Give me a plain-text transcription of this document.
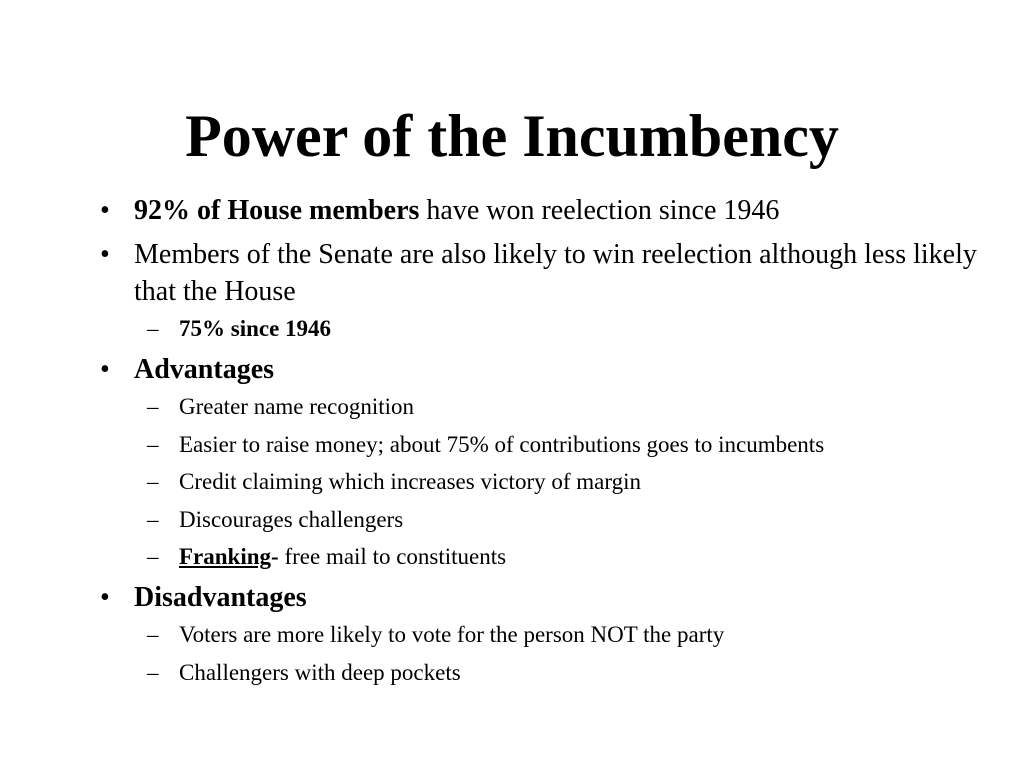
Power of the Incumbency
• 92% of House members have won reelection since 1946
• Members of the Senate are also likely to win reelection although less likely that the House
– 75% since 1946
• Advantages
– Greater name recognition
– Easier to raise money; about 75% of contributions goes to incumbents
– Credit claiming which increases victory of margin
– Discourages challengers
– Franking- free mail to constituents
• Disadvantages
– Voters are more likely to vote for the person NOT the party
– Challengers with deep pockets
